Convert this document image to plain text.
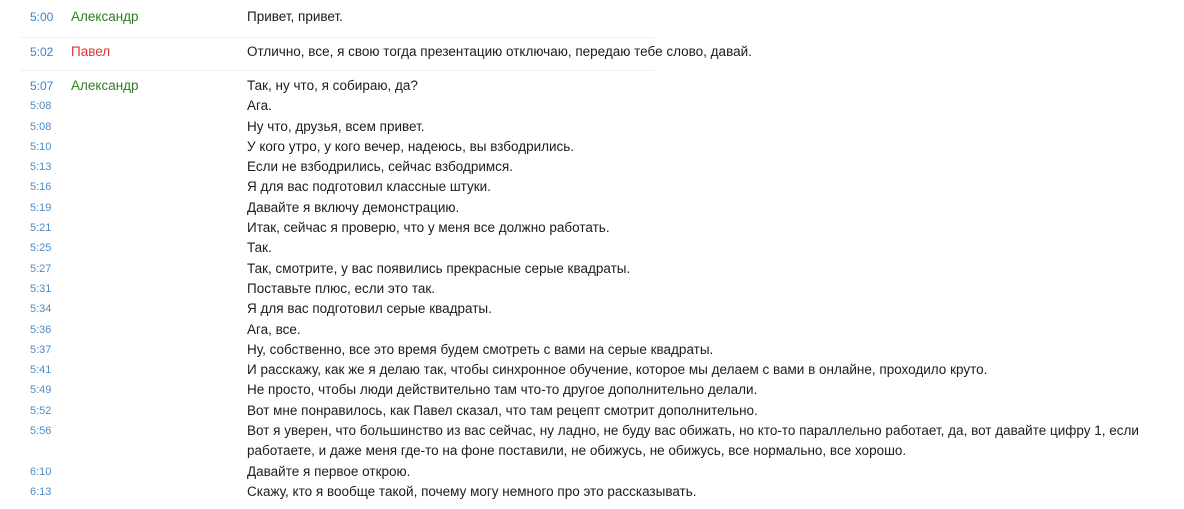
5:00 Александр	Привет, привет.
5:02 Павел	Отлично, все, я свою тогда презентацию отключаю, передаю тебе слово, давай.
5:07 Александр	Так, ну что, я собираю, да?
5:08	Ага.
5:08	Ну что, друзья, всем привет.
5:10	У кого утро, у кого вечер, надеюсь, вы взбодрились.
5:13	Если не взбодрились, сейчас взбодримся.
5:16	Я для вас подготовил классные штуки.
5:19	Давайте я включу демонстрацию.
5:21	Итак, сейчас я проверю, что у меня все должно работать.
5:25	Так.
5:27	Так, смотрите, у вас появились прекрасные серые квадраты.
5:31	Поставьте плюс, если это так.
5:34	Я для вас подготовил серые квадраты.
5:36	Ага, все.
5:37	Ну, собственно, все это время будем смотреть с вами на серые квадраты.
5:41	И расскажу, как же я делаю так, чтобы синхронное обучение, которое мы делаем с вами в онлайне, проходило круто.
5:49	Не просто, чтобы люди действительно там что-то другое дополнительно делали.
5:52	Вот мне понравилось, как Павел сказал, что там рецепт смотрит дополнительно.
5:56	Вот я уверен, что большинство из вас сейчас, ну ладно, не буду вас обижать, но кто-то параллельно работает, да, вот давайте цифру 1, если работаете, и даже меня где-то на фоне поставили, не обижусь, не обижусь, все нормально, все хорошо.
6:10	Давайте я первое открою.
6:13	Скажу, кто я вообще такой, почему могу немного про это рассказывать.
